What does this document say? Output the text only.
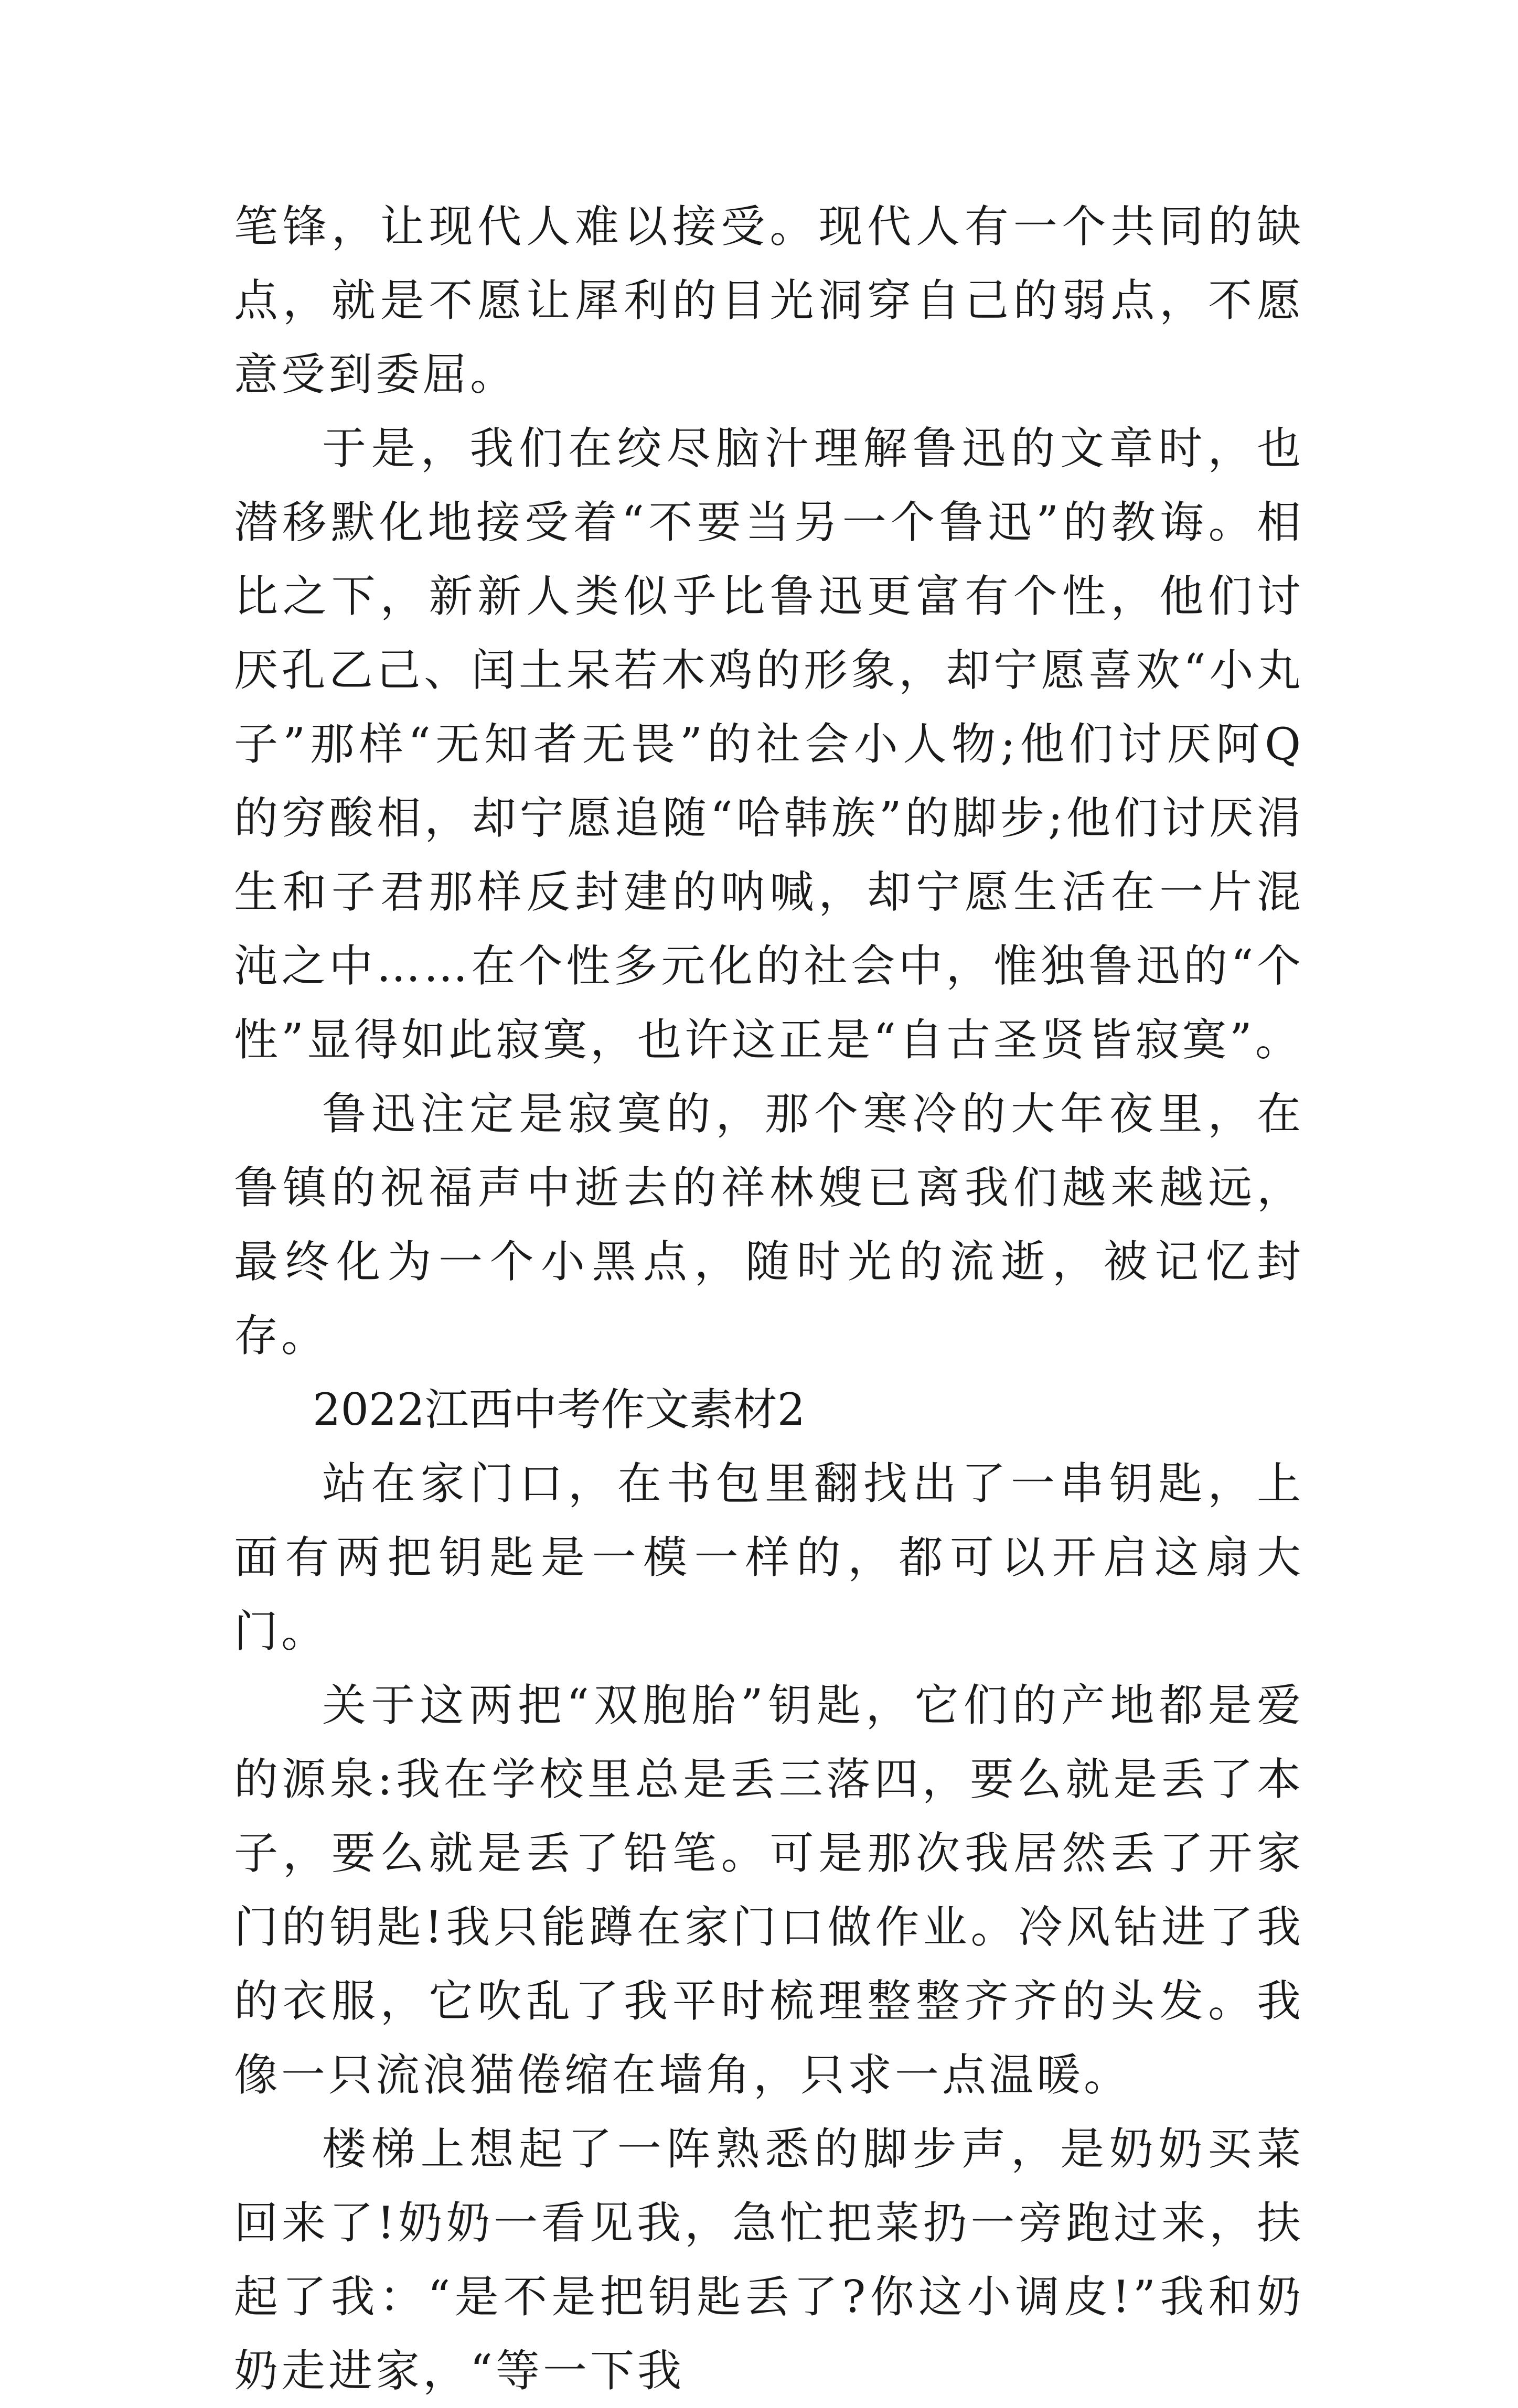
笔锋，让现代人难以接受。现代人有一个共同的缺点，就是不愿让犀利的目光洞穿自己的弱点，不愿意受到委屈。

于是，我们在绞尽脑汁理解鲁迅的文章时，也潜移默化地接受着“不要当另一个鲁迅”的教诲。相比之下，新新人类似乎比鲁迅更富有个性，他们讨厌孔乙己、闰土呆若木鸡的形象，却宁愿喜欢“小丸子”那样“无知者无畏”的社会小人物;他们讨厌阿Q的穷酸相，却宁愿追随“哈韩族”的脚步;他们讨厌涓生和子君那样反封建的呐喊，却宁愿生活在一片混沌之中……在个性多元化的社会中，惟独鲁迅的“个性”显得如此寂寞，也许这正是“自古圣贤皆寂寞”。

鲁迅注定是寂寞的，那个寒冷的大年夜里，在鲁镇的祝福声中逝去的祥林嫂已离我们越来越远，最终化为一个小黑点，随时光的流逝，被记忆封存。

2022江西中考作文素材2

站在家门口，在书包里翻找出了一串钥匙，上面有两把钥匙是一模一样的，都可以开启这扇大门。

关于这两把“双胞胎”钥匙，它们的产地都是爱的源泉:我在学校里总是丢三落四，要么就是丢了本子，要么就是丢了铅笔。可是那次我居然丢了开家门的钥匙!我只能蹲在家门口做作业。冷风钻进了我的衣服，它吹乱了我平时梳理整整齐齐的头发。我像一只流浪猫倦缩在墙角，只求一点温暖。

楼梯上想起了一阵熟悉的脚步声，是奶奶买菜回来了!奶奶一看见我，急忙把菜扔一旁跑过来，扶起了我：“是不是把钥匙丢了?你这小调皮!”我和奶奶走进家，“等一下我
